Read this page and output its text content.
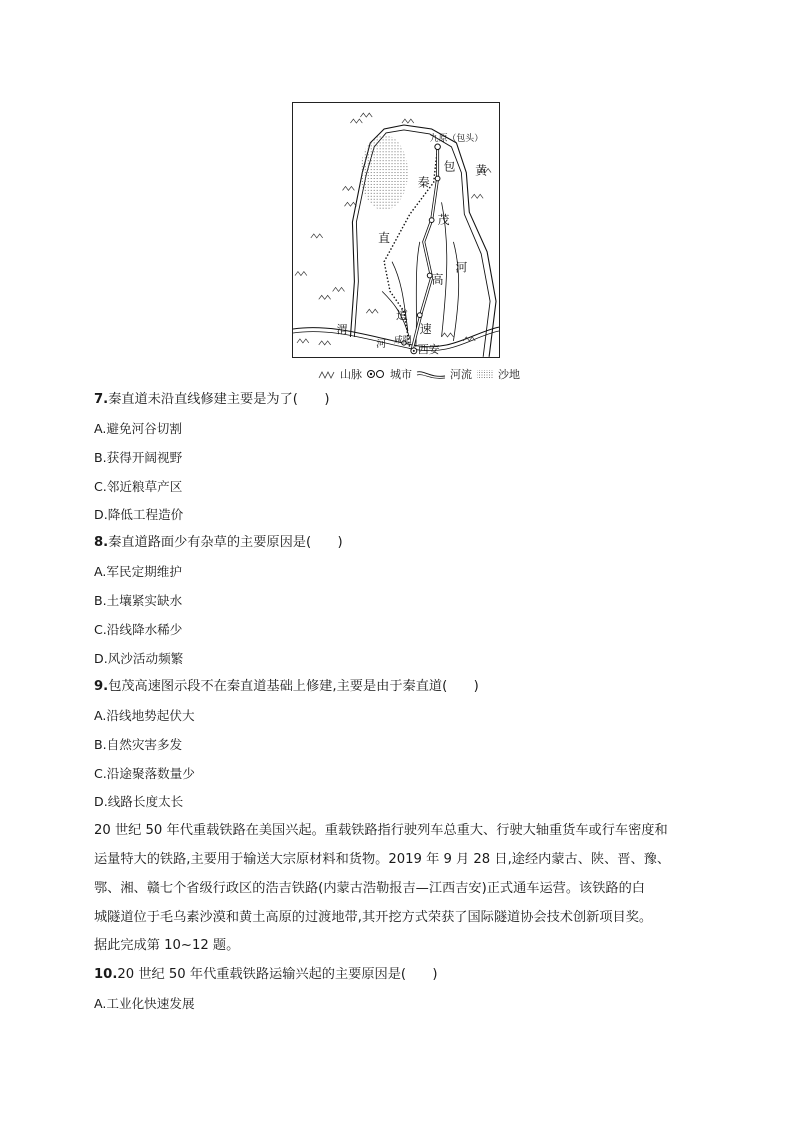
九原（包头）
包 黄
秦
茂
直
河
高
道
速
渭
河 咸阳
西安
山脉	城市	河流 沙地
7.秦直道未沿直线修建主要是为了(　　)
A.避免河谷切割
B.获得开阔视野
C.邻近粮草产区
D.降低工程造价
8.秦直道路面少有杂草的主要原因是(　　)
A.军民定期维护
B.土壤紧实缺水
C.沿线降水稀少
D.风沙活动频繁
9.包茂高速图示段不在秦直道基础上修建,主要是由于秦直道(　　)
A.沿线地势起伏大
B.自然灾害多发
C.沿途聚落数量少
D.线路长度太长
20 世纪 50 年代重载铁路在美国兴起。重载铁路指行驶列车总重大、行驶大轴重货车或行车密度和
运量特大的铁路,主要用于输送大宗原材料和货物。2019 年 9 月 28 日,途经内蒙古、陕、晋、豫、
鄂、湘、赣七个省级行政区的浩吉铁路(内蒙古浩勒报吉—江西吉安)正式通车运营。该铁路的白
城隧道位于毛乌素沙漠和黄土高原的过渡地带,其开挖方式荣获了国际隧道协会技术创新项目奖。
据此完成第 10~12 题。
10.20 世纪 50 年代重载铁路运输兴起的主要原因是(　　)
A.工业化快速发展
